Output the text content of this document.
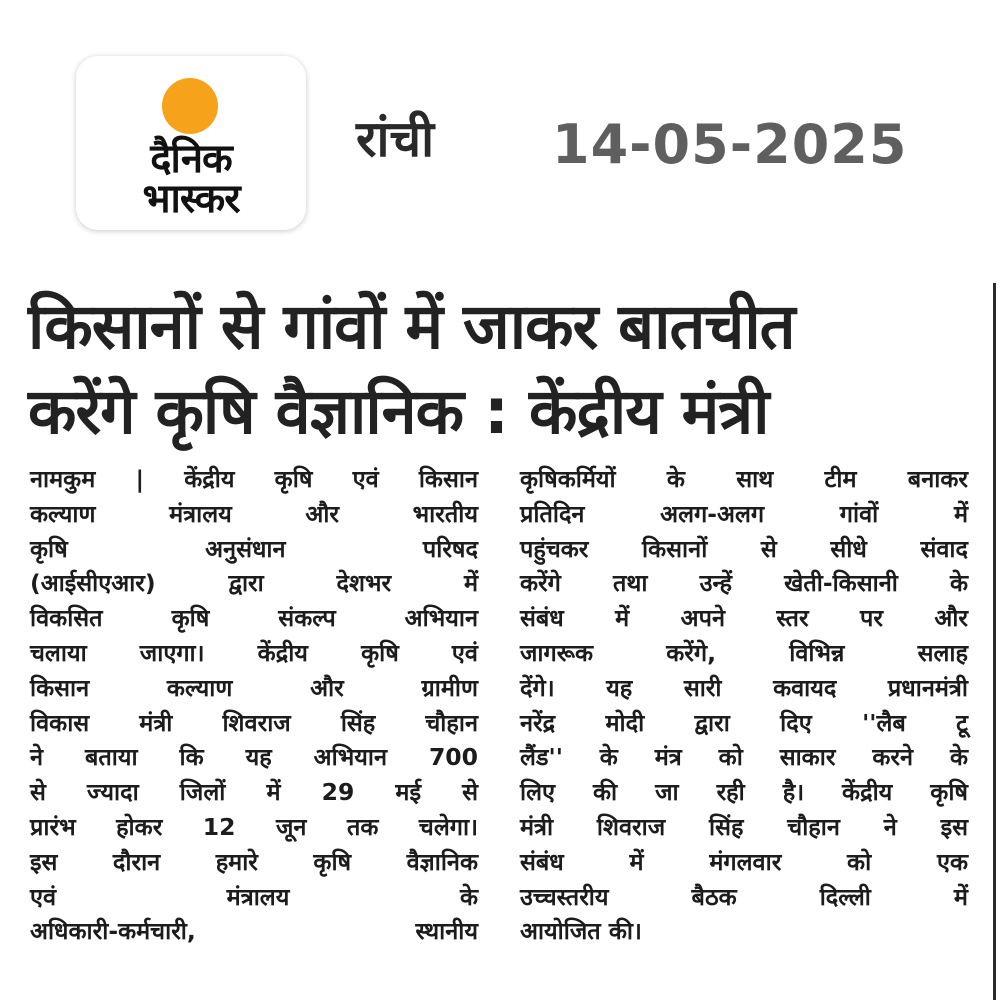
दैनिक
भास्कर
रांची 14-05-2025
किसानों से गांवों में जाकर बातचीत
करेंगे कृषि वैज्ञानिक : केंद्रीय मंत्री
नामकुम | केंद्रीय कृषि एवं किसान
कल्याण मंत्रालय और भारतीय
कृषि अनुसंधान परिषद
(आईसीएआर) द्वारा देशभर में
विकसित कृषि संकल्प अभियान
चलाया जाएगा। केंद्रीय कृषि एवं
किसान कल्याण और ग्रामीण
विकास मंत्री शिवराज सिंह चौहान
ने बताया कि यह अभियान 700
से ज्यादा जिलों में 29 मई से
प्रारंभ होकर 12 जून तक चलेगा।
इस दौरान हमारे कृषि वैज्ञानिक
एवं मंत्रालय के
अधिकारी-कर्मचारी, स्थानीय
कृषिकर्मियों के साथ टीम बनाकर
प्रतिदिन अलग-अलग गांवों में
पहुंचकर किसानों से सीधे संवाद
करेंगे तथा उन्हें खेती-किसानी के
संबंध में अपने स्तर पर और
जागरूक करेंगे, विभिन्न सलाह
देंगे। यह सारी कवायद प्रधानमंत्री
नरेंद्र मोदी द्वारा दिए ''लैब टू
लैंड'' के मंत्र को साकार करने के
लिए की जा रही है। केंद्रीय कृषि
मंत्री शिवराज सिंह चौहान ने इस
संबंध में मंगलवार को एक
उच्चस्तरीय बैठक दिल्ली में
आयोजित की।
